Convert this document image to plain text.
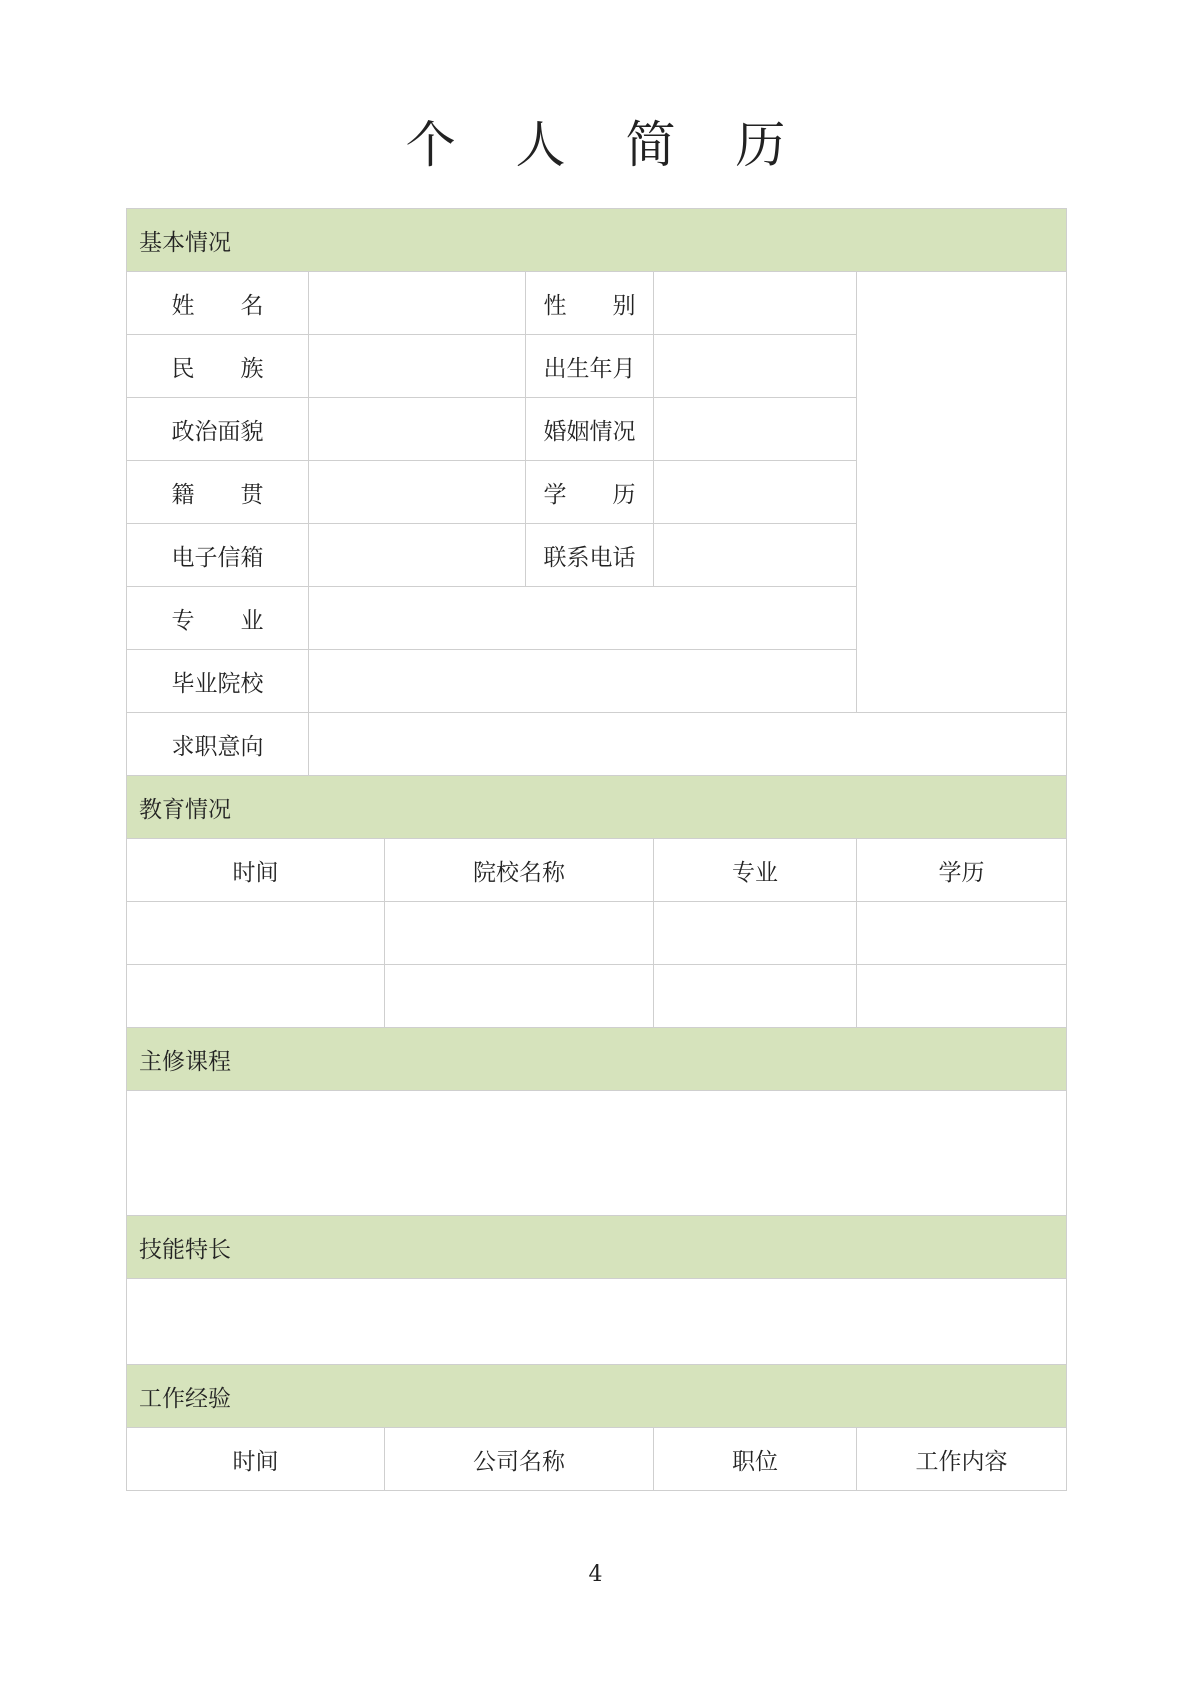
个 人 简 历
基本情况					
姓　　名			性　　别		
民　　族			出生年月		
政治面貌			婚姻情况		
籍　　贯			学　　历		
电子信箱			联系电话		
专　　业					
毕业院校					
求职意向					
教育情况					
时间		院校名称		专业	学历

主修课程					

技能特长					

工作经验					
时间		公司名称		职位	工作内容
4
